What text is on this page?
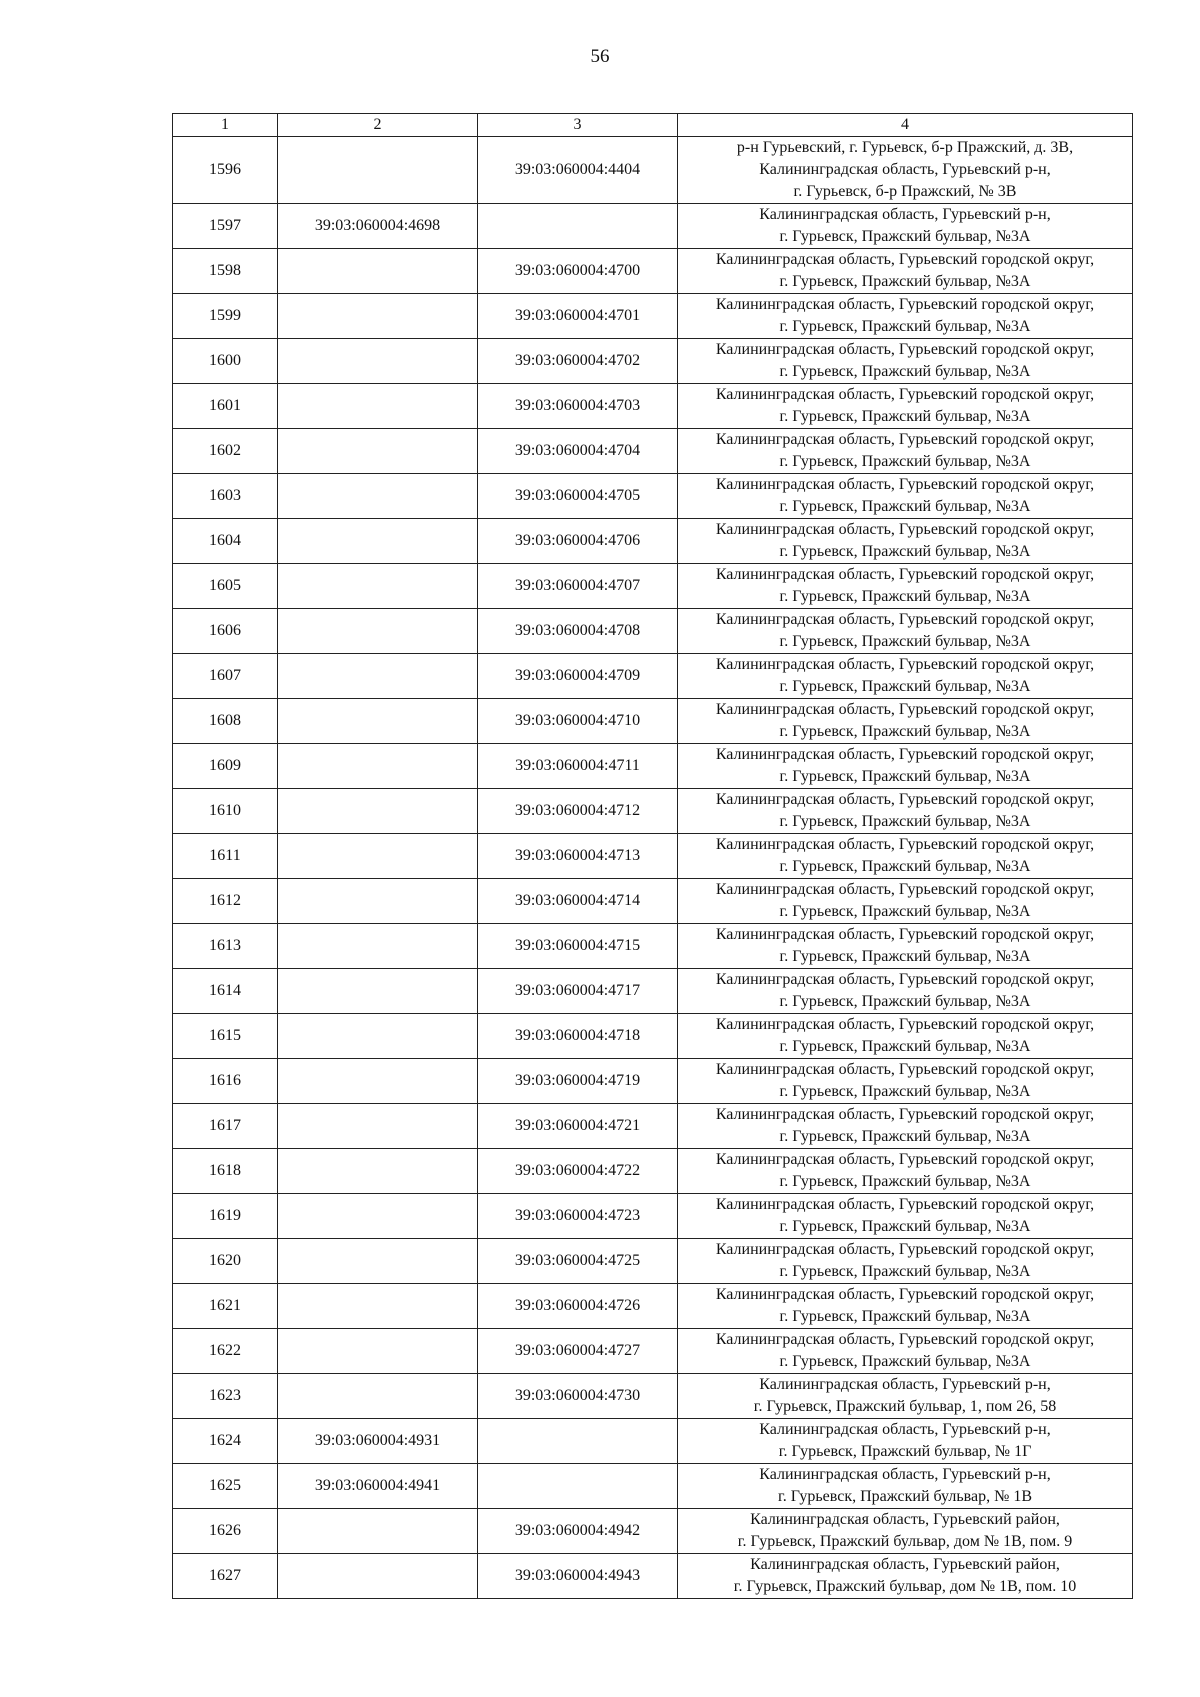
56
1	2	3	4
1596		39:03:060004:4404	р-н Гурьевский, г. Гурьевск, б-р Пражский, д. 3В,
Калининградская область, Гурьевский р-н,
г. Гурьевск, б-р Пражский, № 3В

1597	39:03:060004:4698		Калининградская область, Гурьевский р-н,
г. Гурьевск, Пражский бульвар, №3А

1598		39:03:060004:4700	Калининградская область, Гурьевский городской округ,
г. Гурьевск, Пражский бульвар, №3А

1599		39:03:060004:4701	Калининградская область, Гурьевский городской округ,
г. Гурьевск, Пражский бульвар, №3А

1600		39:03:060004:4702	Калининградская область, Гурьевский городской округ,
г. Гурьевск, Пражский бульвар, №3А

1601		39:03:060004:4703	Калининградская область, Гурьевский городской округ,
г. Гурьевск, Пражский бульвар, №3А

1602		39:03:060004:4704	Калининградская область, Гурьевский городской округ,
г. Гурьевск, Пражский бульвар, №3А

1603		39:03:060004:4705	Калининградская область, Гурьевский городской округ,
г. Гурьевск, Пражский бульвар, №3А

1604		39:03:060004:4706	Калининградская область, Гурьевский городской округ,
г. Гурьевск, Пражский бульвар, №3А

1605		39:03:060004:4707	Калининградская область, Гурьевский городской округ,
г. Гурьевск, Пражский бульвар, №3А

1606		39:03:060004:4708	Калининградская область, Гурьевский городской округ,
г. Гурьевск, Пражский бульвар, №3А

1607		39:03:060004:4709	Калининградская область, Гурьевский городской округ,
г. Гурьевск, Пражский бульвар, №3А

1608		39:03:060004:4710	Калининградская область, Гурьевский городской округ,
г. Гурьевск, Пражский бульвар, №3А

1609		39:03:060004:4711	Калининградская область, Гурьевский городской округ,
г. Гурьевск, Пражский бульвар, №3А

1610		39:03:060004:4712	Калининградская область, Гурьевский городской округ,
г. Гурьевск, Пражский бульвар, №3А

1611		39:03:060004:4713	Калининградская область, Гурьевский городской округ,
г. Гурьевск, Пражский бульвар, №3А

1612		39:03:060004:4714	Калининградская область, Гурьевский городской округ,
г. Гурьевск, Пражский бульвар, №3А

1613		39:03:060004:4715	Калининградская область, Гурьевский городской округ,
г. Гурьевск, Пражский бульвар, №3А

1614		39:03:060004:4717	Калининградская область, Гурьевский городской округ,
г. Гурьевск, Пражский бульвар, №3А

1615		39:03:060004:4718	Калининградская область, Гурьевский городской округ,
г. Гурьевск, Пражский бульвар, №3А

1616		39:03:060004:4719	Калининградская область, Гурьевский городской округ,
г. Гурьевск, Пражский бульвар, №3А

1617		39:03:060004:4721	Калининградская область, Гурьевский городской округ,
г. Гурьевск, Пражский бульвар, №3А

1618		39:03:060004:4722	Калининградская область, Гурьевский городской округ,
г. Гурьевск, Пражский бульвар, №3А

1619		39:03:060004:4723	Калининградская область, Гурьевский городской округ,
г. Гурьевск, Пражский бульвар, №3А

1620		39:03:060004:4725	Калининградская область, Гурьевский городской округ,
г. Гурьевск, Пражский бульвар, №3А

1621		39:03:060004:4726	Калининградская область, Гурьевский городской округ,
г. Гурьевск, Пражский бульвар, №3А

1622		39:03:060004:4727	Калининградская область, Гурьевский городской округ,
г. Гурьевск, Пражский бульвар, №3А

1623		39:03:060004:4730	Калининградская область, Гурьевский р-н,
г. Гурьевск, Пражский бульвар, 1, пом 26, 58

1624	39:03:060004:4931		Калининградская область, Гурьевский р-н,
г. Гурьевск, Пражский бульвар, № 1Г

1625	39:03:060004:4941		Калининградская область, Гурьевский р-н,
г. Гурьевск, Пражский бульвар, № 1В

1626		39:03:060004:4942	Калининградская область, Гурьевский район,
г. Гурьевск, Пражский бульвар, дом № 1В, пом. 9

1627		39:03:060004:4943	Калининградская область, Гурьевский район,
г. Гурьевск, Пражский бульвар, дом № 1В, пом. 10
